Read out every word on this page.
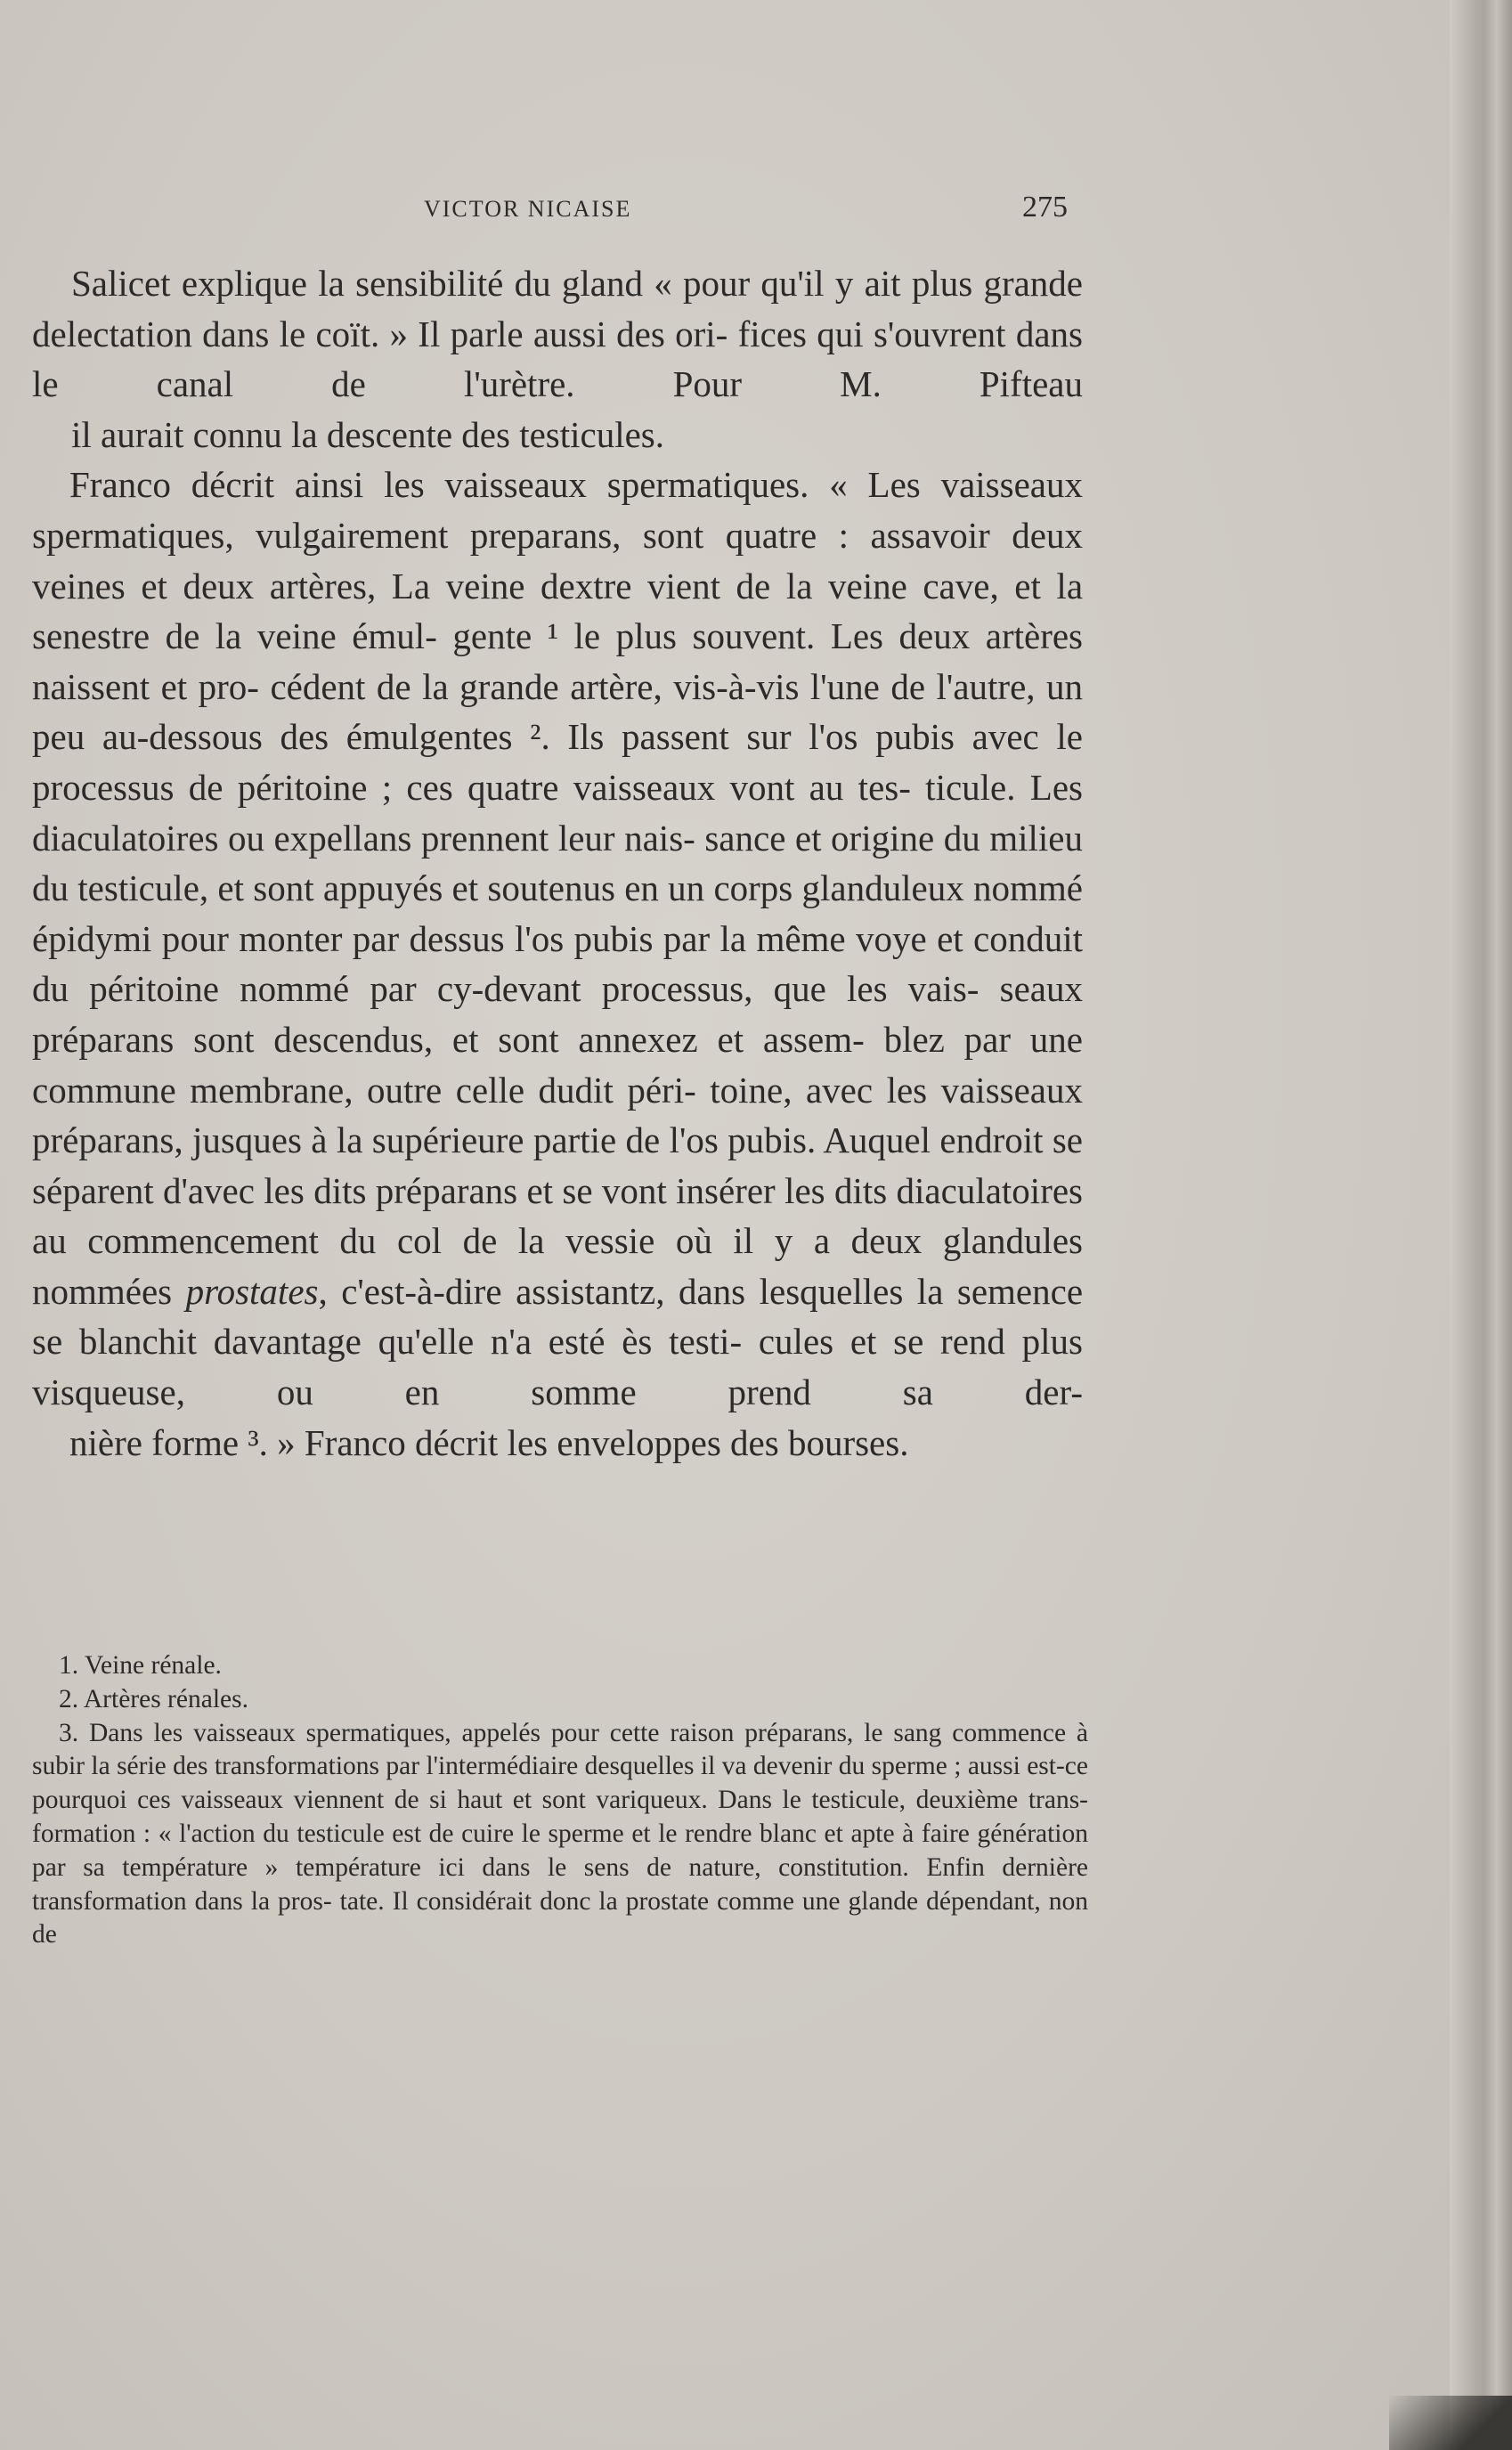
VICTOR NICAISE	275

Salicet explique la sensibilité du gland « pour qu'il y ait plus grande delectation dans le coït. » Il parle aussi des ori- fices qui s'ouvrent dans le canal de l'urètre. Pour M. Pifteau
il aurait connu la descente des testicules.

Franco décrit ainsi les vaisseaux spermatiques. « Les vaisseaux spermatiques, vulgairement preparans, sont quatre : assavoir deux veines et deux artères, La veine dextre vient de la veine cave, et la senestre de la veine émul- gente ¹ le plus souvent. Les deux artères naissent et pro- cédent de la grande artère, vis-à-vis l'une de l'autre, un peu au-dessous des émulgentes ². Ils passent sur l'os pubis avec le processus de péritoine ; ces quatre vaisseaux vont au tes- ticule. Les diaculatoires ou expellans prennent leur nais- sance et origine du milieu du testicule, et sont appuyés et soutenus en un corps glanduleux nommé épidymi pour monter par dessus l'os pubis par la même voye et conduit du péritoine nommé par cy-devant processus, que les vais- seaux préparans sont descendus, et sont annexez et assem- blez par une commune membrane, outre celle dudit péri- toine, avec les vaisseaux préparans, jusques à la supérieure partie de l'os pubis. Auquel endroit se séparent d'avec les dits préparans et se vont insérer les dits diaculatoires au commencement du col de la vessie où il y a deux glandules nommées prostates, c'est-à-dire assistantz, dans lesquelles la semence se blanchit davantage qu'elle n'a esté ès testi- cules et se rend plus visqueuse, ou en somme prend sa der-
nière forme ³. » Franco décrit les enveloppes des bourses.

1. Veine rénale.

2. Artères rénales.

3. Dans les vaisseaux spermatiques, appelés pour cette raison préparans, le sang commence à subir la série des transformations par l'intermédiaire desquelles il va devenir du sperme ; aussi est-ce pourquoi ces vaisseaux viennent de si haut et sont variqueux. Dans le testicule, deuxième trans- formation : « l'action du testicule est de cuire le sperme et le rendre blanc et apte à faire génération par sa température » température ici dans le sens de nature, constitution. Enfin dernière transformation dans la pros- tate. Il considérait donc la prostate comme une glande dépendant, non de
